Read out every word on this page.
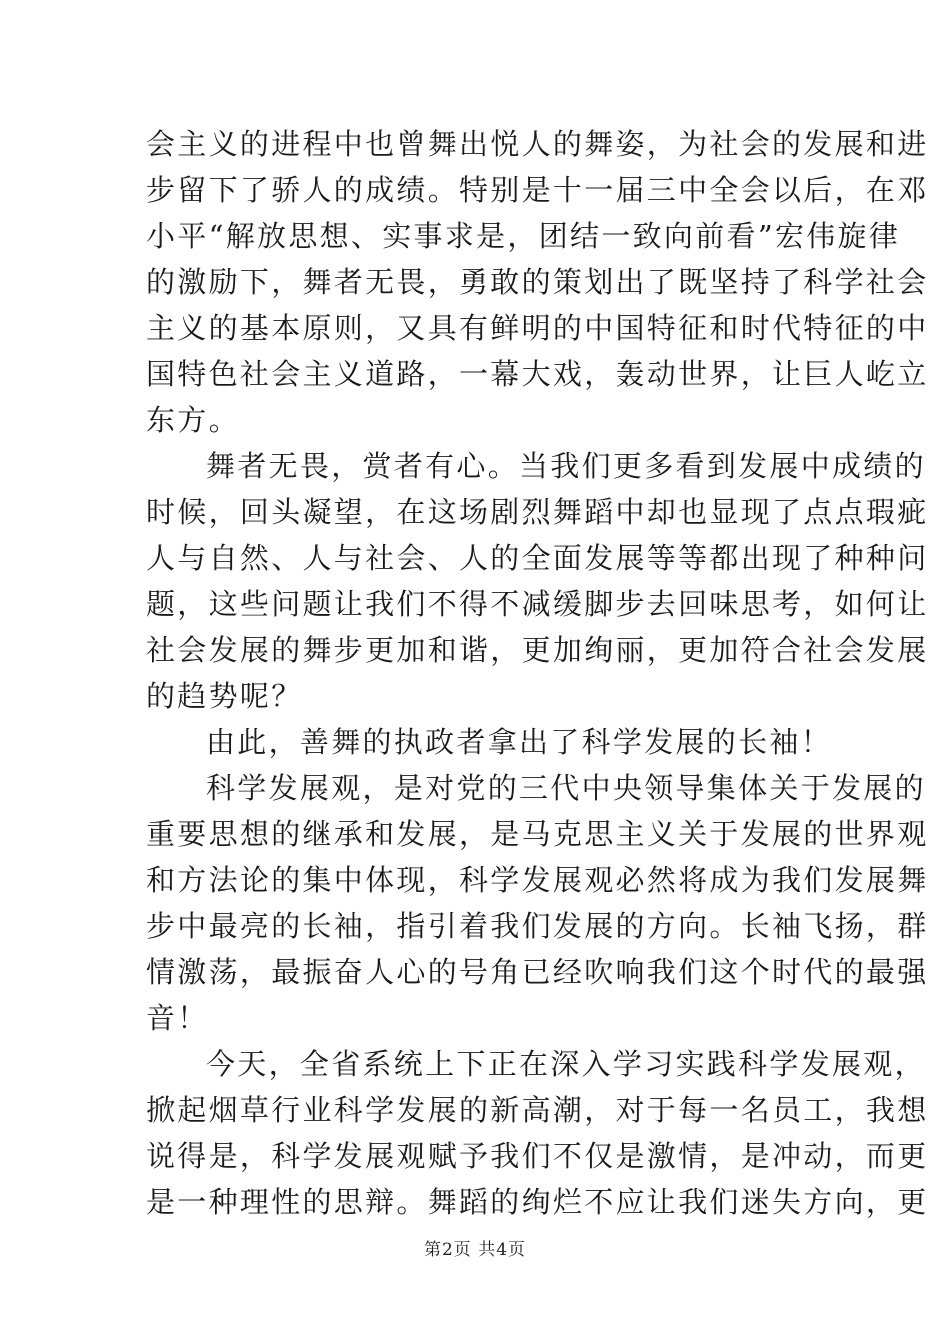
会主义的进程中也曾舞出悦人的舞姿，为社会的发展和进
步留下了骄人的成绩。特别是十一届三中全会以后，在邓
小平“解放思想、实事求是，团结一致向前看”宏伟旋律
的激励下，舞者无畏，勇敢的策划出了既坚持了科学社会
主义的基本原则，又具有鲜明的中国特征和时代特征的中
国特色社会主义道路，一幕大戏，轰动世界，让巨人屹立
东方。
舞者无畏，赏者有心。当我们更多看到发展中成绩的
时候，回头凝望，在这场剧烈舞蹈中却也显现了点点瑕疵
人与自然、人与社会、人的全面发展等等都出现了种种问
题，这些问题让我们不得不减缓脚步去回味思考，如何让
社会发展的舞步更加和谐，更加绚丽，更加符合社会发展
的趋势呢？
由此，善舞的执政者拿出了科学发展的长袖！
科学发展观，是对党的三代中央领导集体关于发展的
重要思想的继承和发展，是马克思主义关于发展的世界观
和方法论的集中体现，科学发展观必然将成为我们发展舞
步中最亮的长袖，指引着我们发展的方向。长袖飞扬，群
情激荡，最振奋人心的号角已经吹响我们这个时代的最强
音！
今天，全省系统上下正在深入学习实践科学发展观，
掀起烟草行业科学发展的新高潮，对于每一名员工，我想
说得是，科学发展观赋予我们不仅是激情，是冲动，而更
是一种理性的思辩。舞蹈的绚烂不应让我们迷失方向，更
第2页 共4页
